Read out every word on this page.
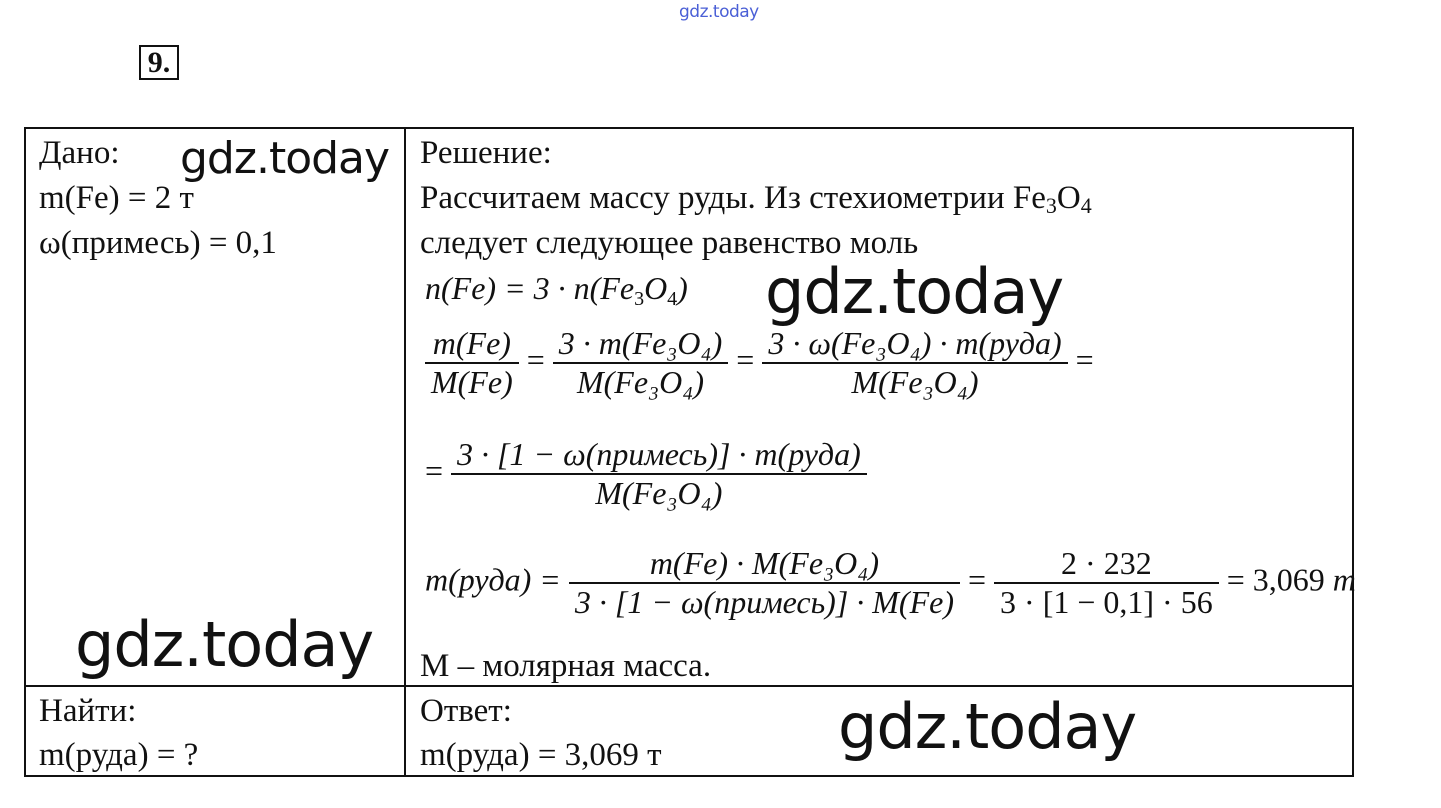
gdz.today
9.
Дано:
m(Fe) = 2 т
ω(примесь) = 0,1
Найти:
m(руда) = ?
Решение:
Рассчитаем массу руды. Из стехиометрии Fe3O4
следует следующее равенство моль
$n(Fe) = 3 \cdot n(Fe_3O_4)$
$\frac{m(Fe)}{M(Fe)} = \frac{\text{3 · m(Fe₃O₄)}}{\text{M(Fe₃O₄)}} = \frac{\text{3 · ω(Fe₃O₄) · m(руда)}}{\text{M(Fe₃O₄)}}$ =
= $\frac{\text{3 · [1 − ω(примесь)] · m(руда)}}{\text{M(Fe₃O₄)}}$
m(руда) = $\frac{\text{m(Fe) · M(Fe₃O₄)}}{\text{3 · [1 − ω(примесь)] · M(Fe)}} = \frac{2 \cdot 232}{3 \cdot [1 - 0,1] \cdot 56} = 3,069$ т
М – молярная масса.
Ответ:
m(руда) = 3,069 т
gdz.today
gdz.today
gdz.today
gdz.today
